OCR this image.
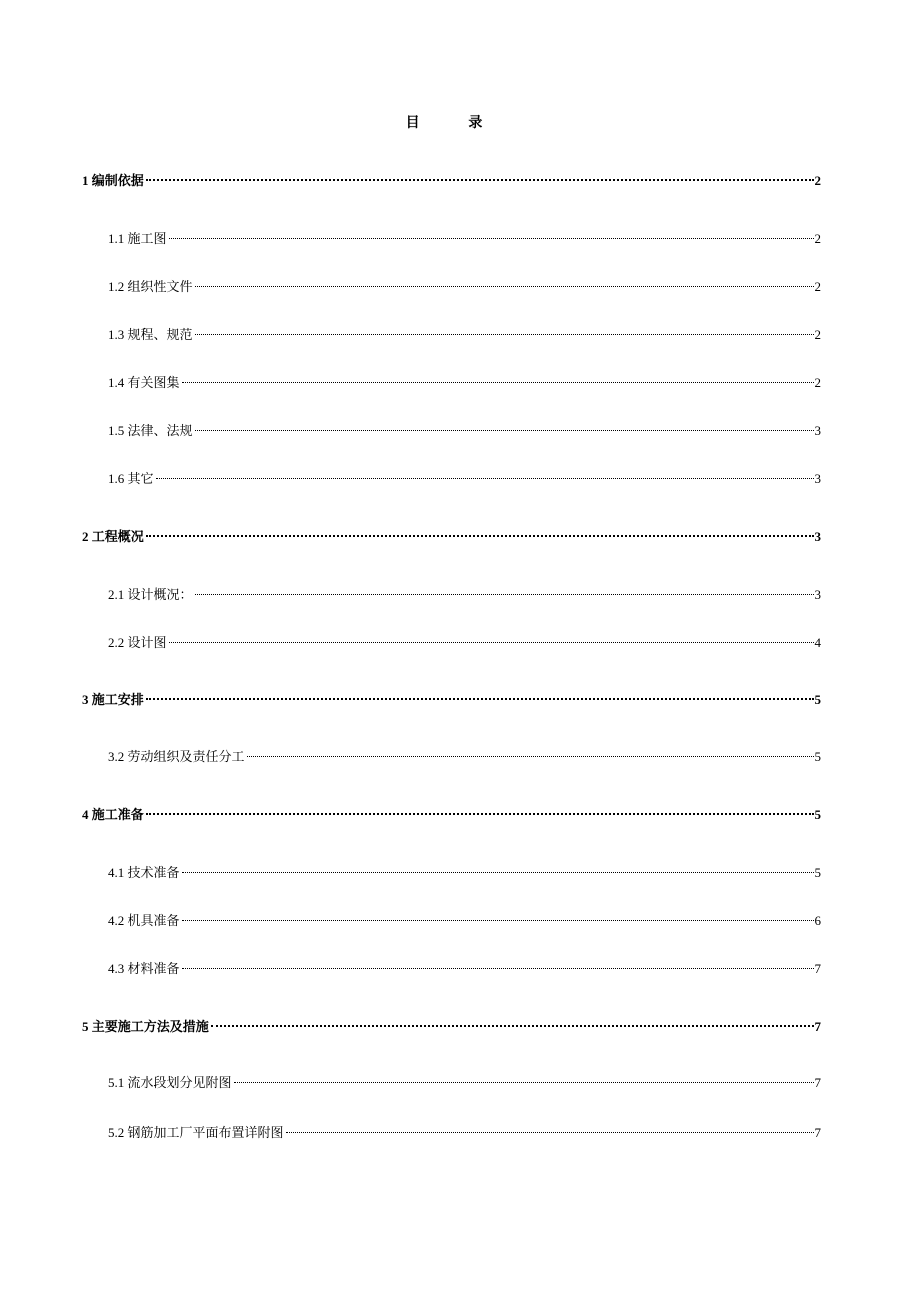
目 录
1 编制依据	2
1.1 施工图	2
1.2 组织性文件	2
1.3 规程、规范	2
1.4 有关图集	2
1.5 法律、法规	3
1.6 其它	3
2 工程概况	3
2.1 设计概况：	3
2.2 设计图	4
3 施工安排	5
3.2 劳动组织及责任分工	5
4 施工准备	5
4.1 技术准备	5
4.2 机具准备	6
4.3 材料准备	7
5 主要施工方法及措施	7
5.1 流水段划分见附图	7
5.2 钢筋加工厂平面布置详附图	7
